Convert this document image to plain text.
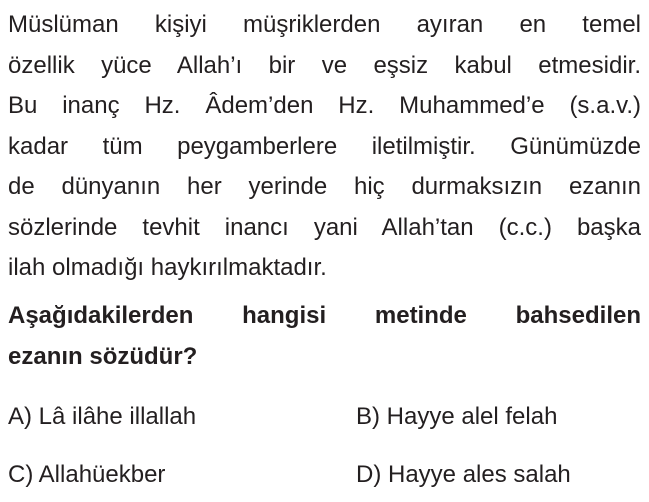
Müslüman kişiyi müşriklerden ayıran en temel
özellik yüce Allah’ı bir ve eşsiz kabul etmesidir.
Bu inanç Hz. Âdem’den Hz. Muhammed’e (s.a.v.)
kadar tüm peygamberlere iletilmiştir. Günümüzde
de dünyanın her yerinde hiç durmaksızın ezanın
sözlerinde tevhit inancı yani Allah’tan (c.c.) başka
ilah olmadığı haykırılmaktadır.
Aşağıdakilerden hangisi metinde bahsedilen
ezanın sözüdür?
A) Lâ ilâhe illallah	B) Hayye alel felah
C) Allahüekber	D) Hayye ales salah
